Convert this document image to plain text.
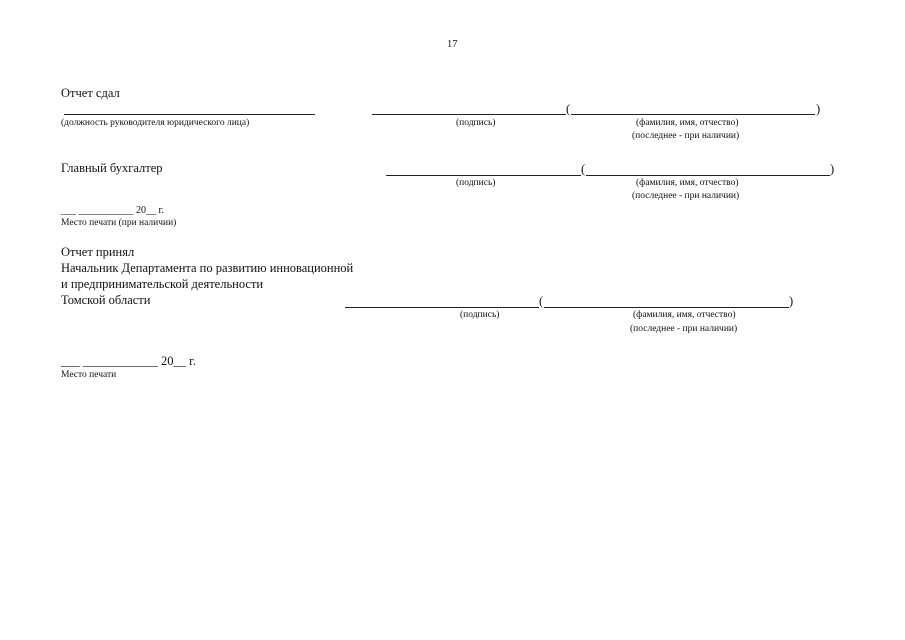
17
Отчет сдал
(должность руководителя юридического лица)
(	)
(подпись)	(фамилия, имя, отчество)
(последнее - при наличии)
Главный бухгалтер	(	)
(подпись)	(фамилия, имя, отчество)
(последнее - при наличии)
___ ___________ 20__ г.
Место печати (при наличии)
Отчет принял
Начальник Департамента по развитию инновационной
и предпринимательской деятельности
Томской области	(	)
(подпись)	(фамилия, имя, отчество)
(последнее - при наличии)
___ ____________ 20__ г.
Место печати
